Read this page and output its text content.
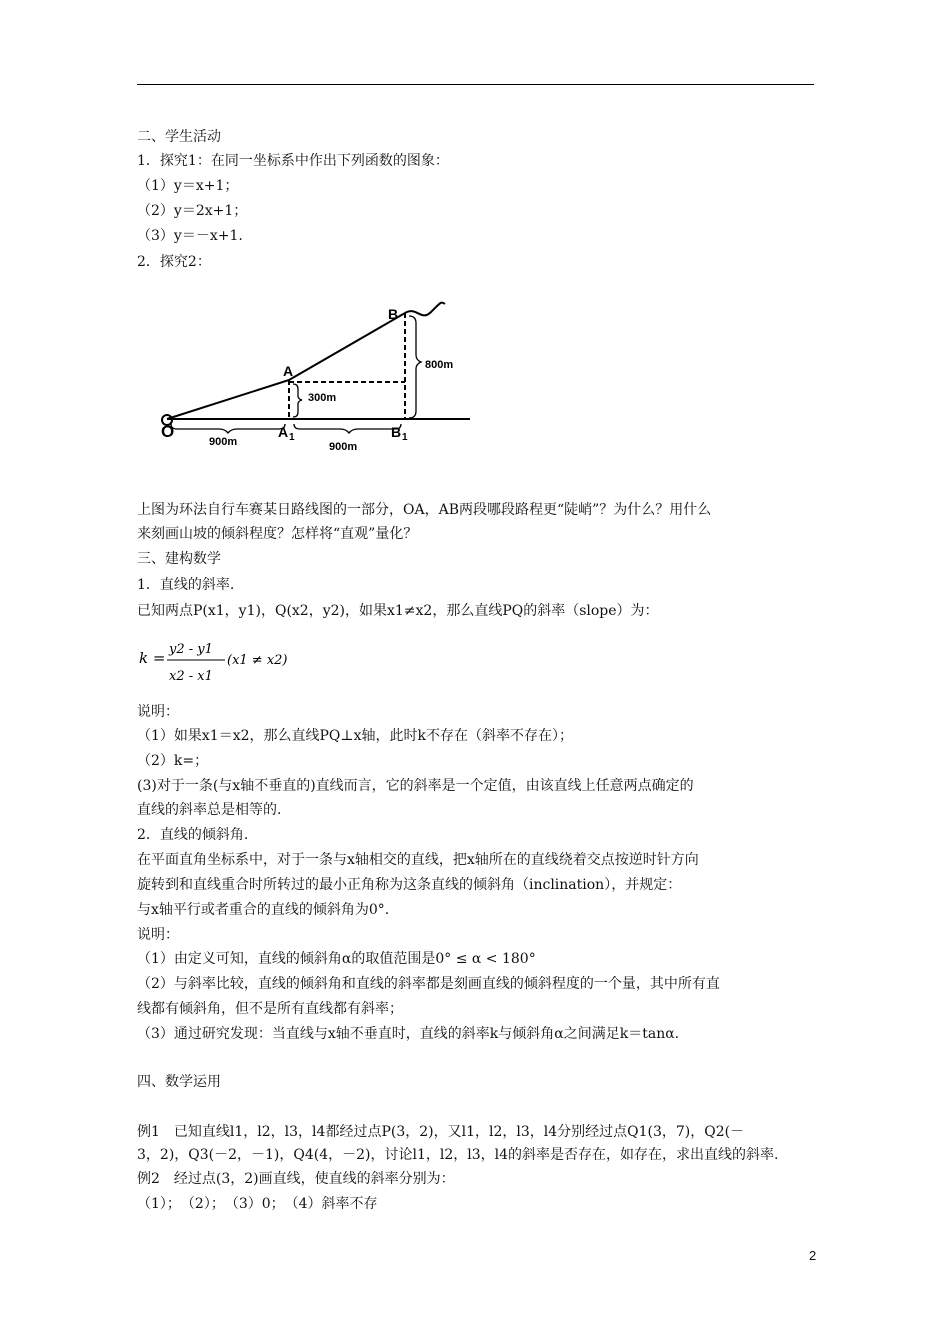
二、学生活动
1．探究1：在同一坐标系中作出下列函数的图象：
（1）y＝x+1；
（2）y＝2x+1；
（3）y＝－x+1.
2．探究2：
B
A
O	A 1	B 1
800m
300m
900m	900m
上图为环法自行车赛某日路线图的一部分，OA，AB两段哪段路程更“陡峭”？为什么？用什么
来刻画山坡的倾斜程度？怎样将“直观”量化？
三、建构数学
1．直线的斜率.
已知两点P(x1，y1)，Q(x2，y2)，如果x1≠x2，那么直线PQ的斜率（slope）为：
k = y2 - y1
x2 - x1
(x1 ≠ x2)
说明：
（1）如果x1＝x2，那么直线PQ⊥x轴，此时k不存在（斜率不存在）；
（2）k=；
(3)对于一条(与x轴不垂直的)直线而言，它的斜率是一个定值，由该直线上任意两点确定的
直线的斜率总是相等的.
2．直线的倾斜角.
在平面直角坐标系中，对于一条与x轴相交的直线，把x轴所在的直线绕着交点按逆时针方向
旋转到和直线重合时所转过的最小正角称为这条直线的倾斜角（inclination），并规定：
与x轴平行或者重合的直线的倾斜角为0°.
说明：
（1）由定义可知，直线的倾斜角α的取值范围是0° ≤ α < 180°
（2）与斜率比较，直线的倾斜角和直线的斜率都是刻画直线的倾斜程度的一个量，其中所有直
线都有倾斜角，但不是所有直线都有斜率；
（3）通过研究发现：当直线与x轴不垂直时，直线的斜率k与倾斜角α之间满足k＝tanα.
四、数学运用
例1　已知直线l1，l2，l3，l4都经过点P(3，2)，又l1，l2，l3，l4分别经过点Q1(3，7)，Q2(－
3，2)，Q3(－2，－1)，Q4(4，－2)，讨论l1，l2，l3，l4的斜率是否存在，如存在，求出直线的斜率.
例2　经过点(3，2)画直线，使直线的斜率分别为：
（1）；　（2）；　（3）0；　（4）斜率不存
2
